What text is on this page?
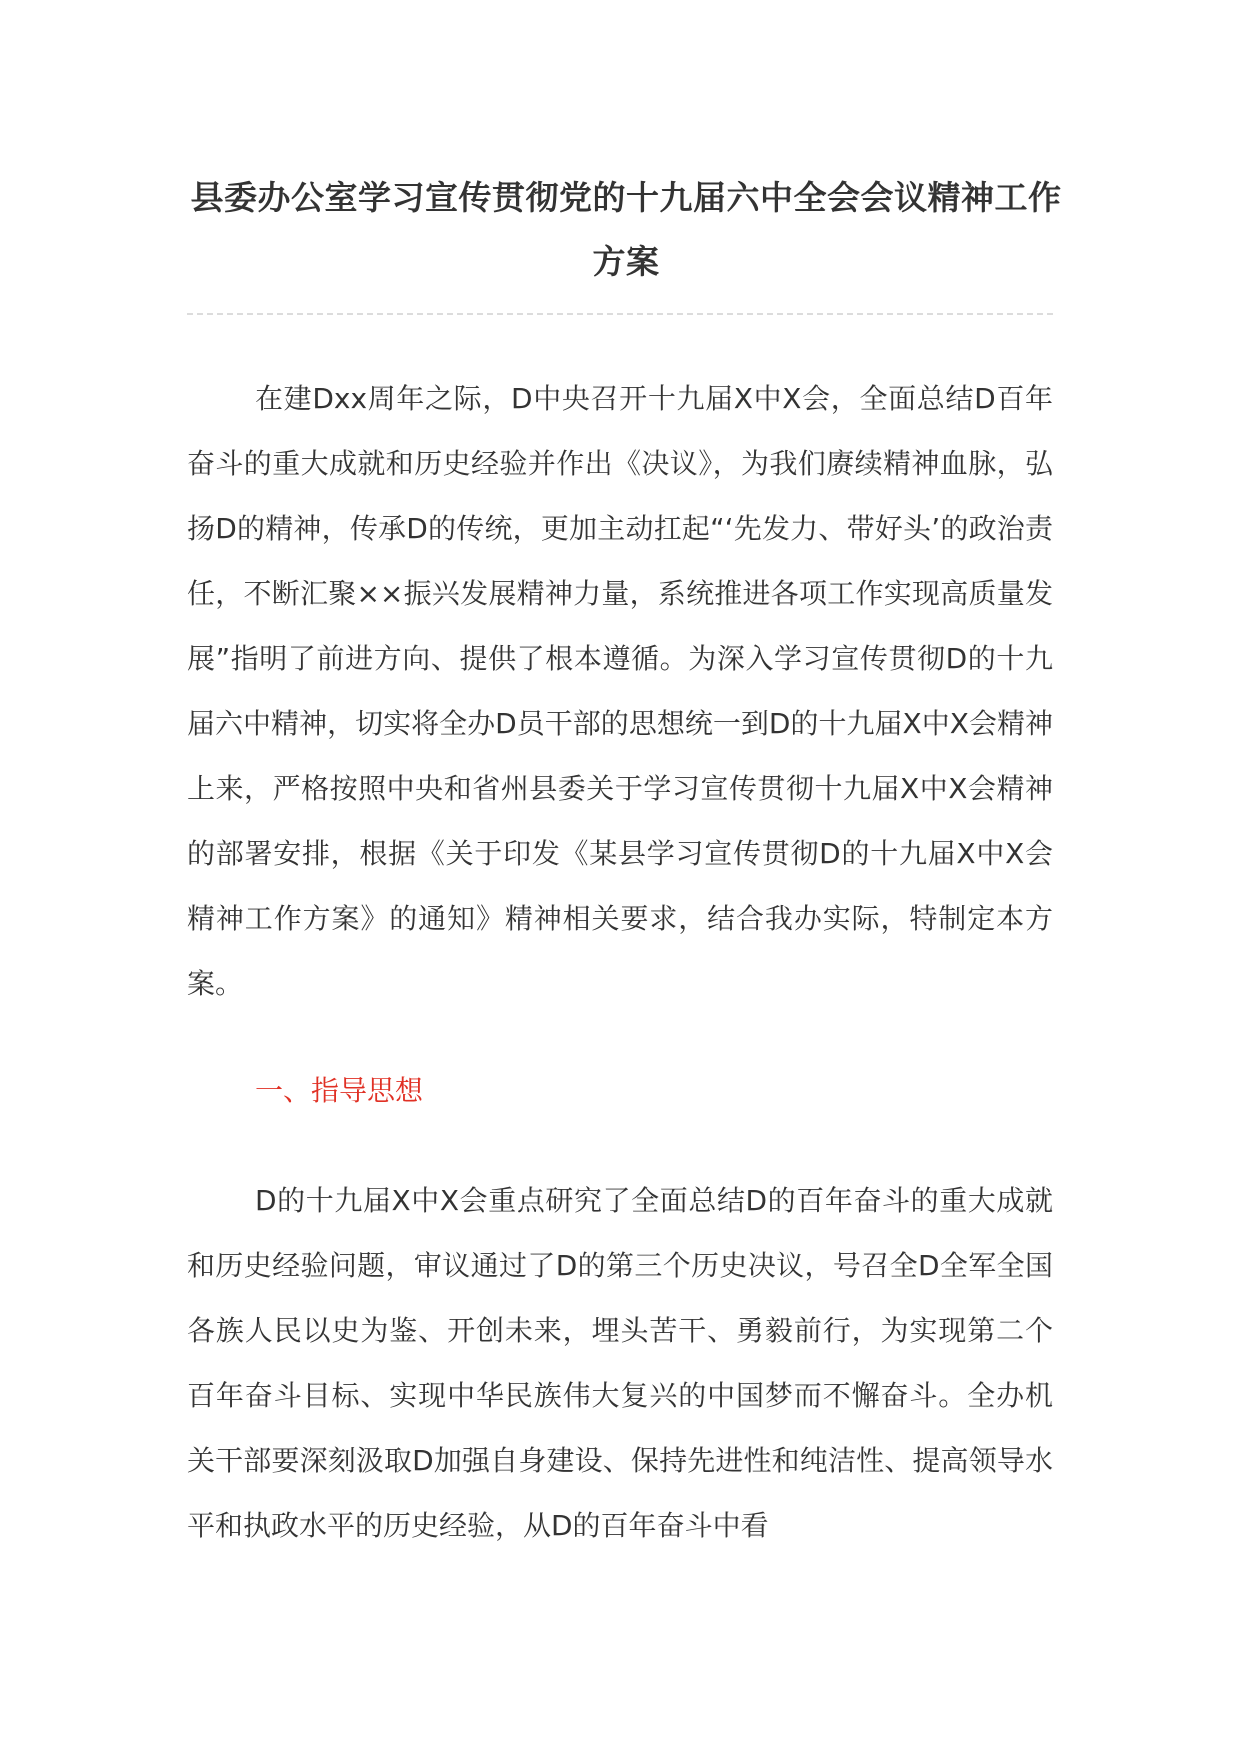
县委办公室学习宣传贯彻党的十九届六中全会会议精神工作方案

在建Dxx周年之际，D中央召开十九届X中X会，全面总结D百年奋斗的重大成就和历史经验并作出《决议》，为我们赓续精神血脉，弘扬D的精神，传承D的传统，更加主动扛起“‘先发力、带好头’的政治责任，不断汇聚××振兴发展精神力量，系统推进各项工作实现高质量发展”指明了前进方向、提供了根本遵循。为深入学习宣传贯彻D的十九届六中精神，切实将全办D员干部的思想统一到D的十九届X中X会精神上来，严格按照中央和省州县委关于学习宣传贯彻十九届X中X会精神的部署安排，根据《关于印发《某县学习宣传贯彻D的十九届X中X会精神工作方案》的通知》精神相关要求，结合我办实际，特制定本方案。

一、指导思想

D的十九届X中X会重点研究了全面总结D的百年奋斗的重大成就和历史经验问题，审议通过了D的第三个历史决议，号召全D全军全国各族人民以史为鉴、开创未来，埋头苦干、勇毅前行，为实现第二个百年奋斗目标、实现中华民族伟大复兴的中国梦而不懈奋斗。全办机关干部要深刻汲取D加强自身建设、保持先进性和纯洁性、提高领导水平和执政水平的历史经验，从D的百年奋斗中看
